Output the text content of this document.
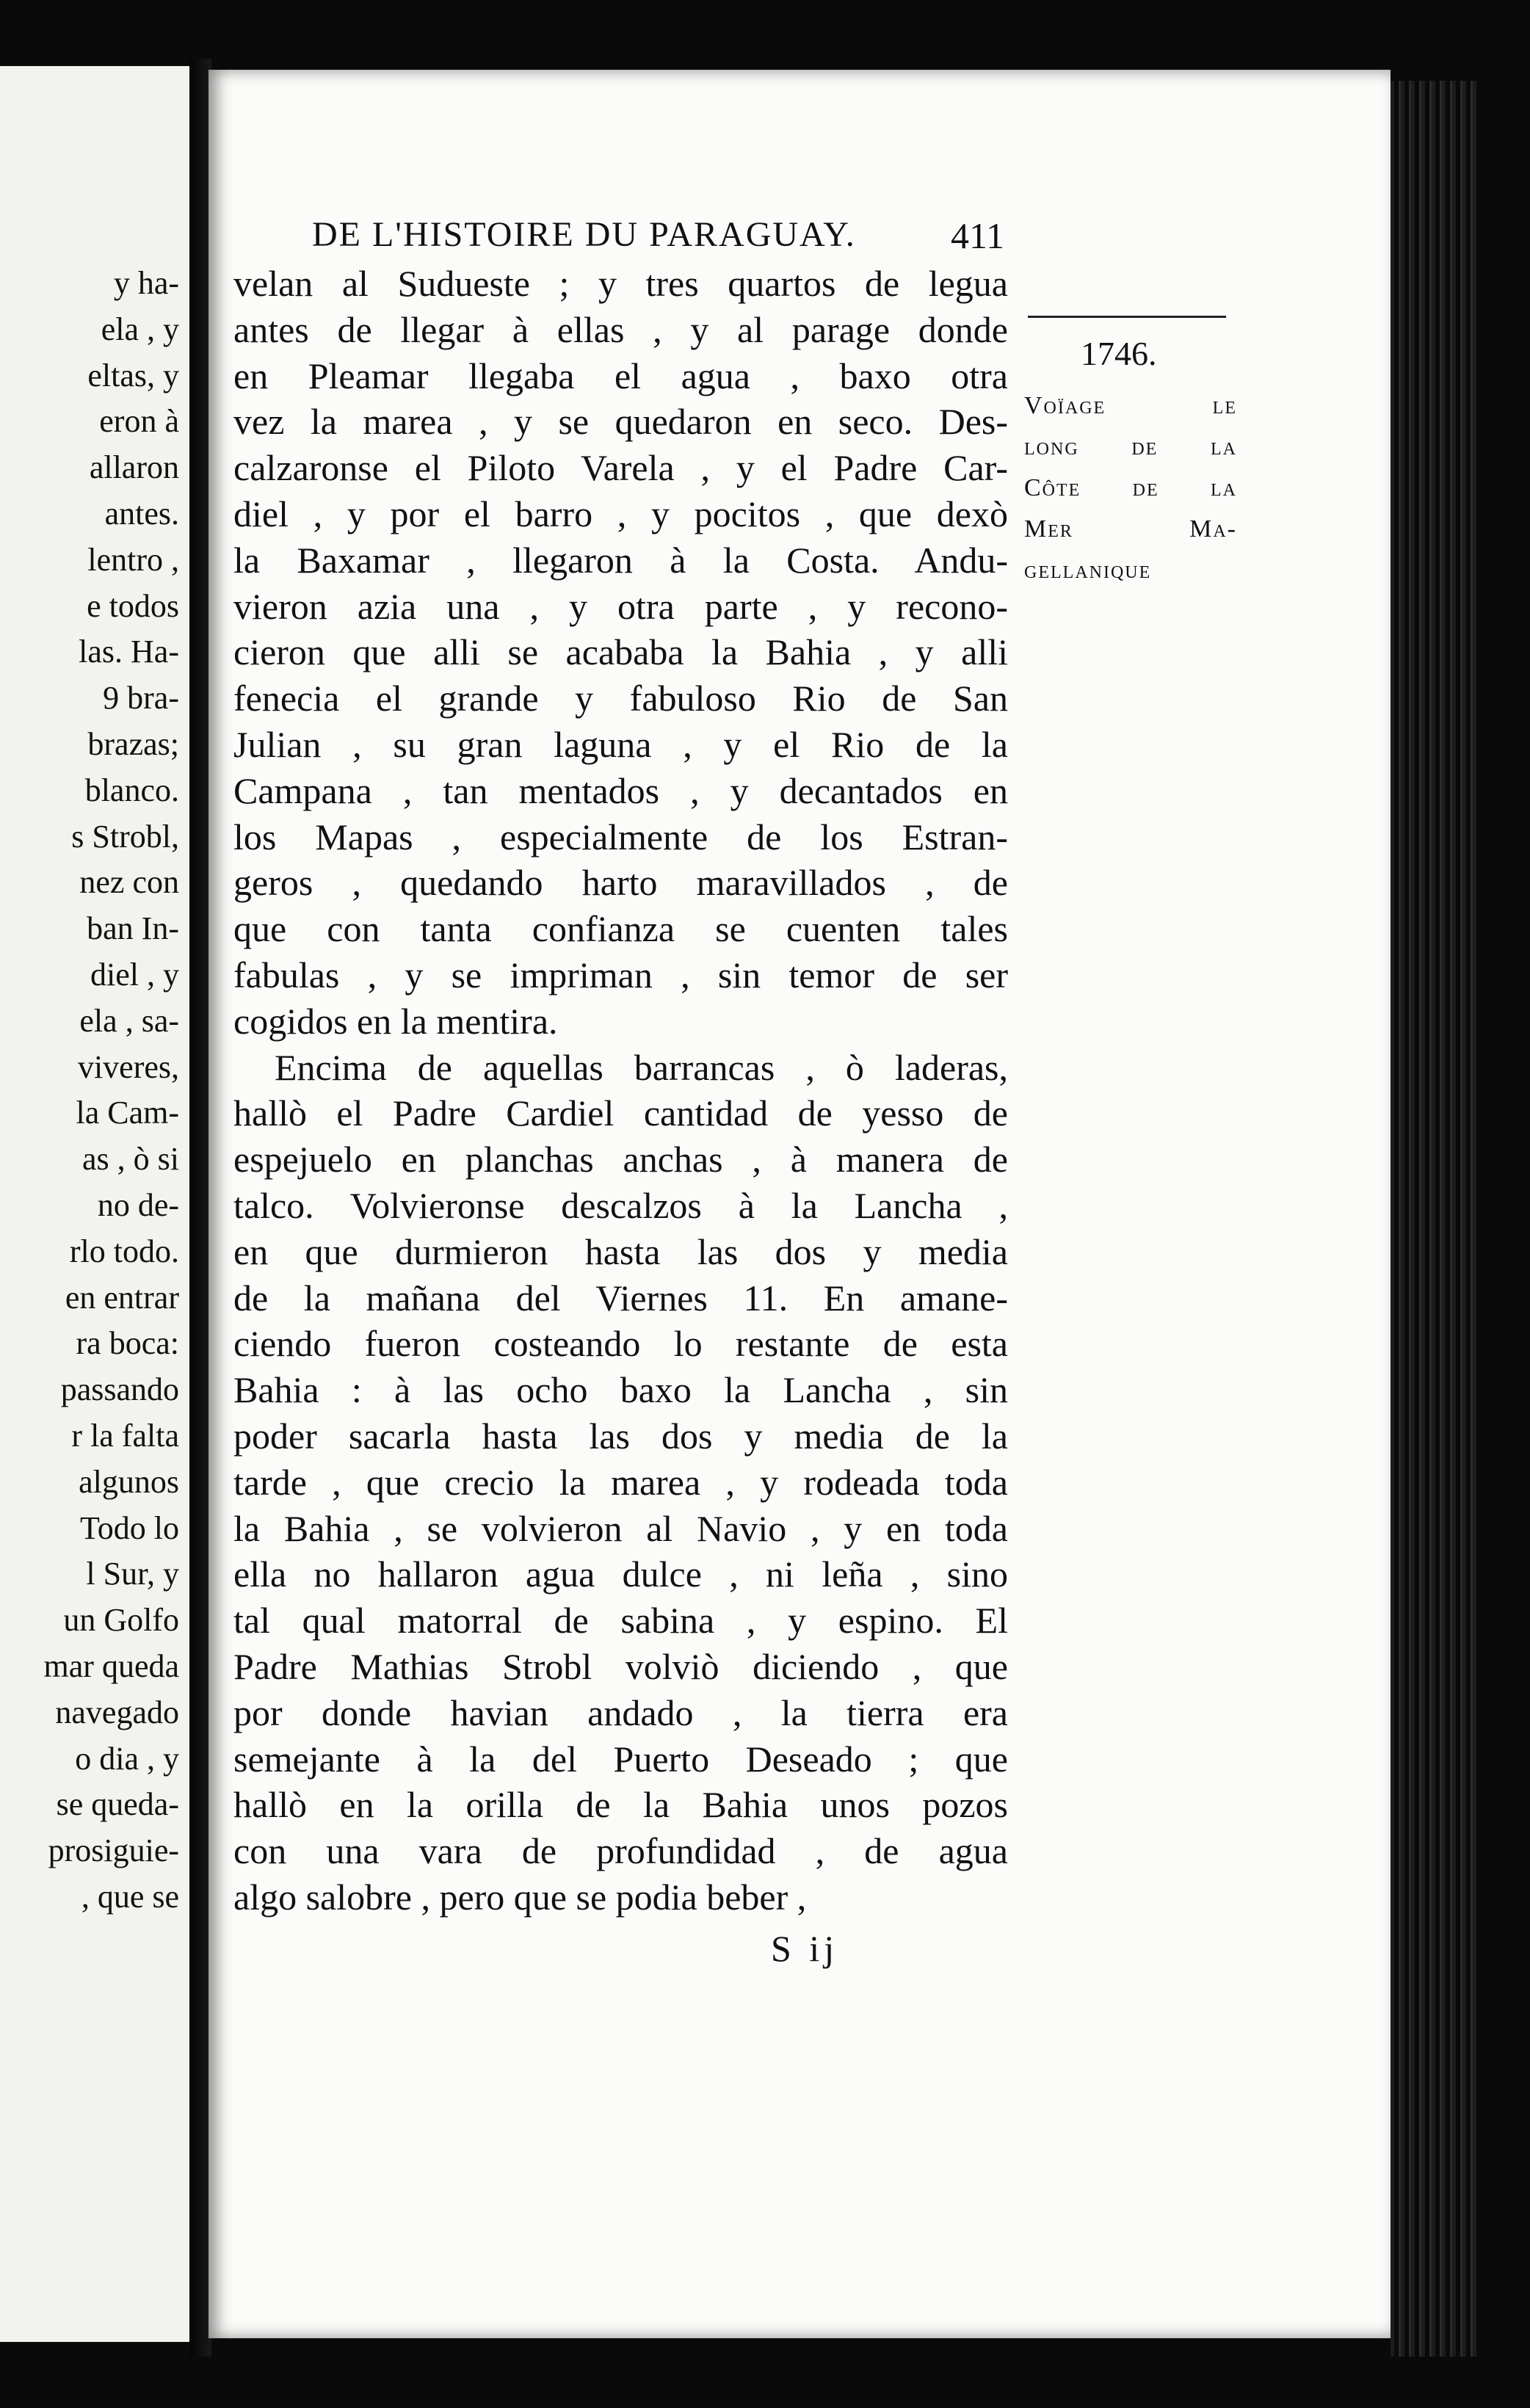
y ha-
ela , y
eltas, y
eron à
allaron
antes.
lentro ,
e todos
las. Ha-
9 bra-
brazas;
blanco.
s Strobl,
nez con
ban In-
diel , y
ela , sa-
viveres,
la Cam-
as , ò si
no de-
rlo todo.
en entrar
ra boca:
passando
r la falta
algunos
Todo lo
l Sur, y
un Golfo
mar queda
navegado
o dia , y
se queda-
prosiguie-
, que se
DE L'HISTOIRE DU PARAGUAY.	411
velan al Sudueste ; y tres quartos de legua
antes de llegar à ellas , y al parage donde
en Pleamar llegaba el agua , baxo otra
vez la marea , y se quedaron en seco. Des-
calzaronse el Piloto Varela , y el Padre Car-
diel , y por el barro , y pocitos , que dexò
la Baxamar , llegaron à la Costa. Andu-
vieron azia una , y otra parte , y recono-
cieron que alli se acababa la Bahia , y alli
fenecia el grande y fabuloso Rio de San
Julian , su gran laguna , y el Rio de la
Campana , tan mentados , y decantados en
los Mapas , especialmente de los Estran-
geros , quedando harto maravillados , de
que con tanta confianza se cuenten tales
fabulas , y se impriman , sin temor de ser
cogidos en la mentira.
Encima de aquellas barrancas , ò laderas,
hallò el Padre Cardiel cantidad de yesso de
espejuelo en planchas anchas , à manera de
talco. Volvieronse descalzos à la Lancha ,
en que durmieron hasta las dos y media
de la mañana del Viernes 11. En amane-
ciendo fueron costeando lo restante de esta
Bahia : à las ocho baxo la Lancha , sin
poder sacarla hasta las dos y media de la
tarde , que crecio la marea , y rodeada toda
la Bahia , se volvieron al Navio , y en toda
ella no hallaron agua dulce , ni leña , sino
tal qual matorral de sabina , y espino. El
Padre Mathias Strobl volviò diciendo , que
por donde havian andado , la tierra era
semejante à la del Puerto Deseado ; que
hallò en la orilla de la Bahia unos pozos
con una vara de profundidad , de agua
algo salobre , pero que se podia beber ,
1746.
Voïage le
long de la
Côte de la
Mer Ma-
gellanique
S ij
